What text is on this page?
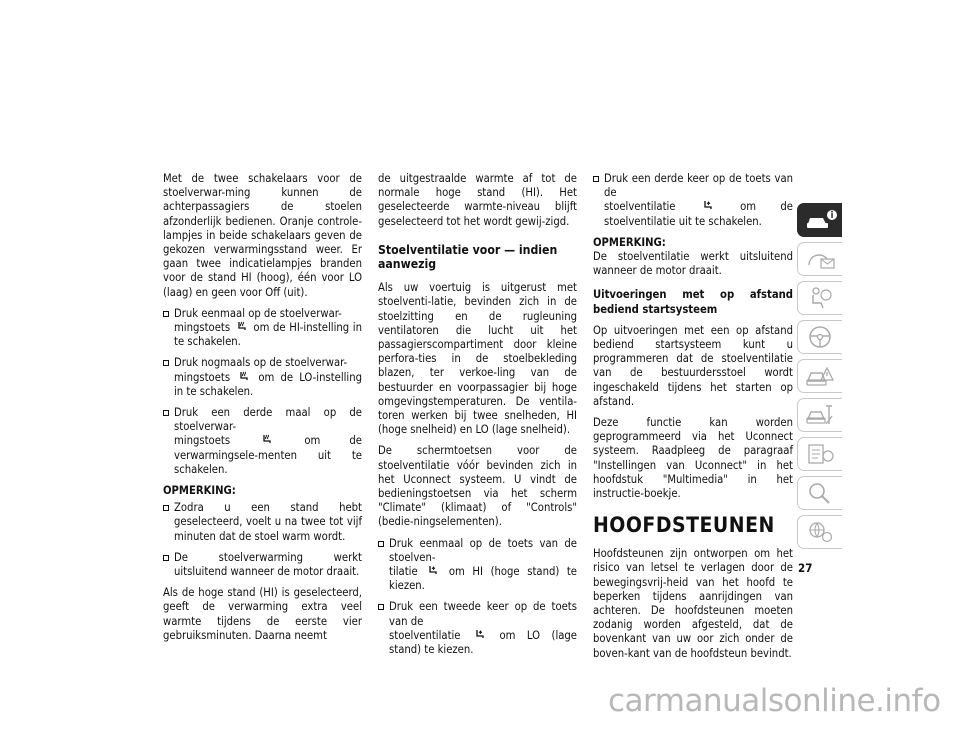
Met de twee schakelaars voor de stoelverwar-ming kunnen de achterpassagiers de stoelen afzonderlijk bedienen. Oranje controle-lampjes in beide schakelaars geven de gekozen verwarmingsstand weer. Er gaan twee indicatielampjes branden voor de stand HI (hoog), één voor LO (laag) en geen voor Off (uit).

Druk eenmaal op de stoelverwar-
mingstoets om de HI-instelling in te schakelen.
Druk nogmaals op de stoelverwar-
mingstoets	om de LO-instelling in te schakelen.
Druk een derde maal op de stoelverwar-
mingstoets	om de verwarmingsele-menten uit te schakelen.
OPMERKING:
Zodra u een stand hebt geselecteerd, voelt u na twee tot vijf minuten dat de stoel warm wordt.
De stoelverwarming werkt uitsluitend wanneer de motor draait.

Als de hoge stand (HI) is geselecteerd, geeft de verwarming extra veel warmte tijdens de eerste vier gebruiksminuten. Daarna neemt

de uitgestraalde warmte af tot de normale hoge stand (HI). Het geselecteerde warmte-niveau blijft geselecteerd tot het wordt gewij-zigd.

Stoelventilatie voor — indien aanwezig

Als uw voertuig is uitgerust met stoelventi-latie, bevinden zich in de stoelzitting en de rugleuning ventilatoren die lucht uit het passagierscompartiment door kleine perfora-ties in de stoelbekleding blazen, ter verkoe-ling van de bestuurder en voorpassagier bij hoge omgevingstemperaturen. De ventila-toren werken bij twee snelheden, HI (hoge snelheid) en LO (lage snelheid).

De schermtoetsen voor de stoelventilatie vóór bevinden zich in het Uconnect systeem. U vindt de bedieningstoetsen via het scherm "Climate" (klimaat) of "Controls" (bedie-ningselementen).

Druk eenmaal op de toets van de stoelven-
tilatie	om HI (hoge stand) te kiezen.
Druk een tweede keer op de toets van de
stoelventilatie	om LO (lage stand) te kiezen.
Druk een derde keer op de toets van de
stoelventilatie	om de stoelventilatie uit te schakelen.
OPMERKING:

De stoelventilatie werkt uitsluitend wanneer de motor draait.

Uitvoeringen met op afstand bediend startsysteem

Op uitvoeringen met een op afstand bediend startsysteem kunt u programmeren dat de stoelventilatie van de bestuurdersstoel wordt ingeschakeld tijdens het starten op afstand.

Deze functie kan worden geprogrammeerd via het Uconnect systeem. Raadpleeg de paragraaf "Instellingen van Uconnect" in het hoofdstuk "Multimedia" in het instructie-boekje.

HOOFDSTEUNEN

Hoofdsteunen zijn ontworpen om het risico van letsel te verlagen door de bewegingsvrij-heid van het hoofd te beperken tijdens aanrijdingen van achteren. De hoofdsteunen moeten zodanig worden afgesteld, dat de bovenkant van uw oor zich onder de boven-kant van de hoofdsteun bevindt.

27
carmanualsonline.info
